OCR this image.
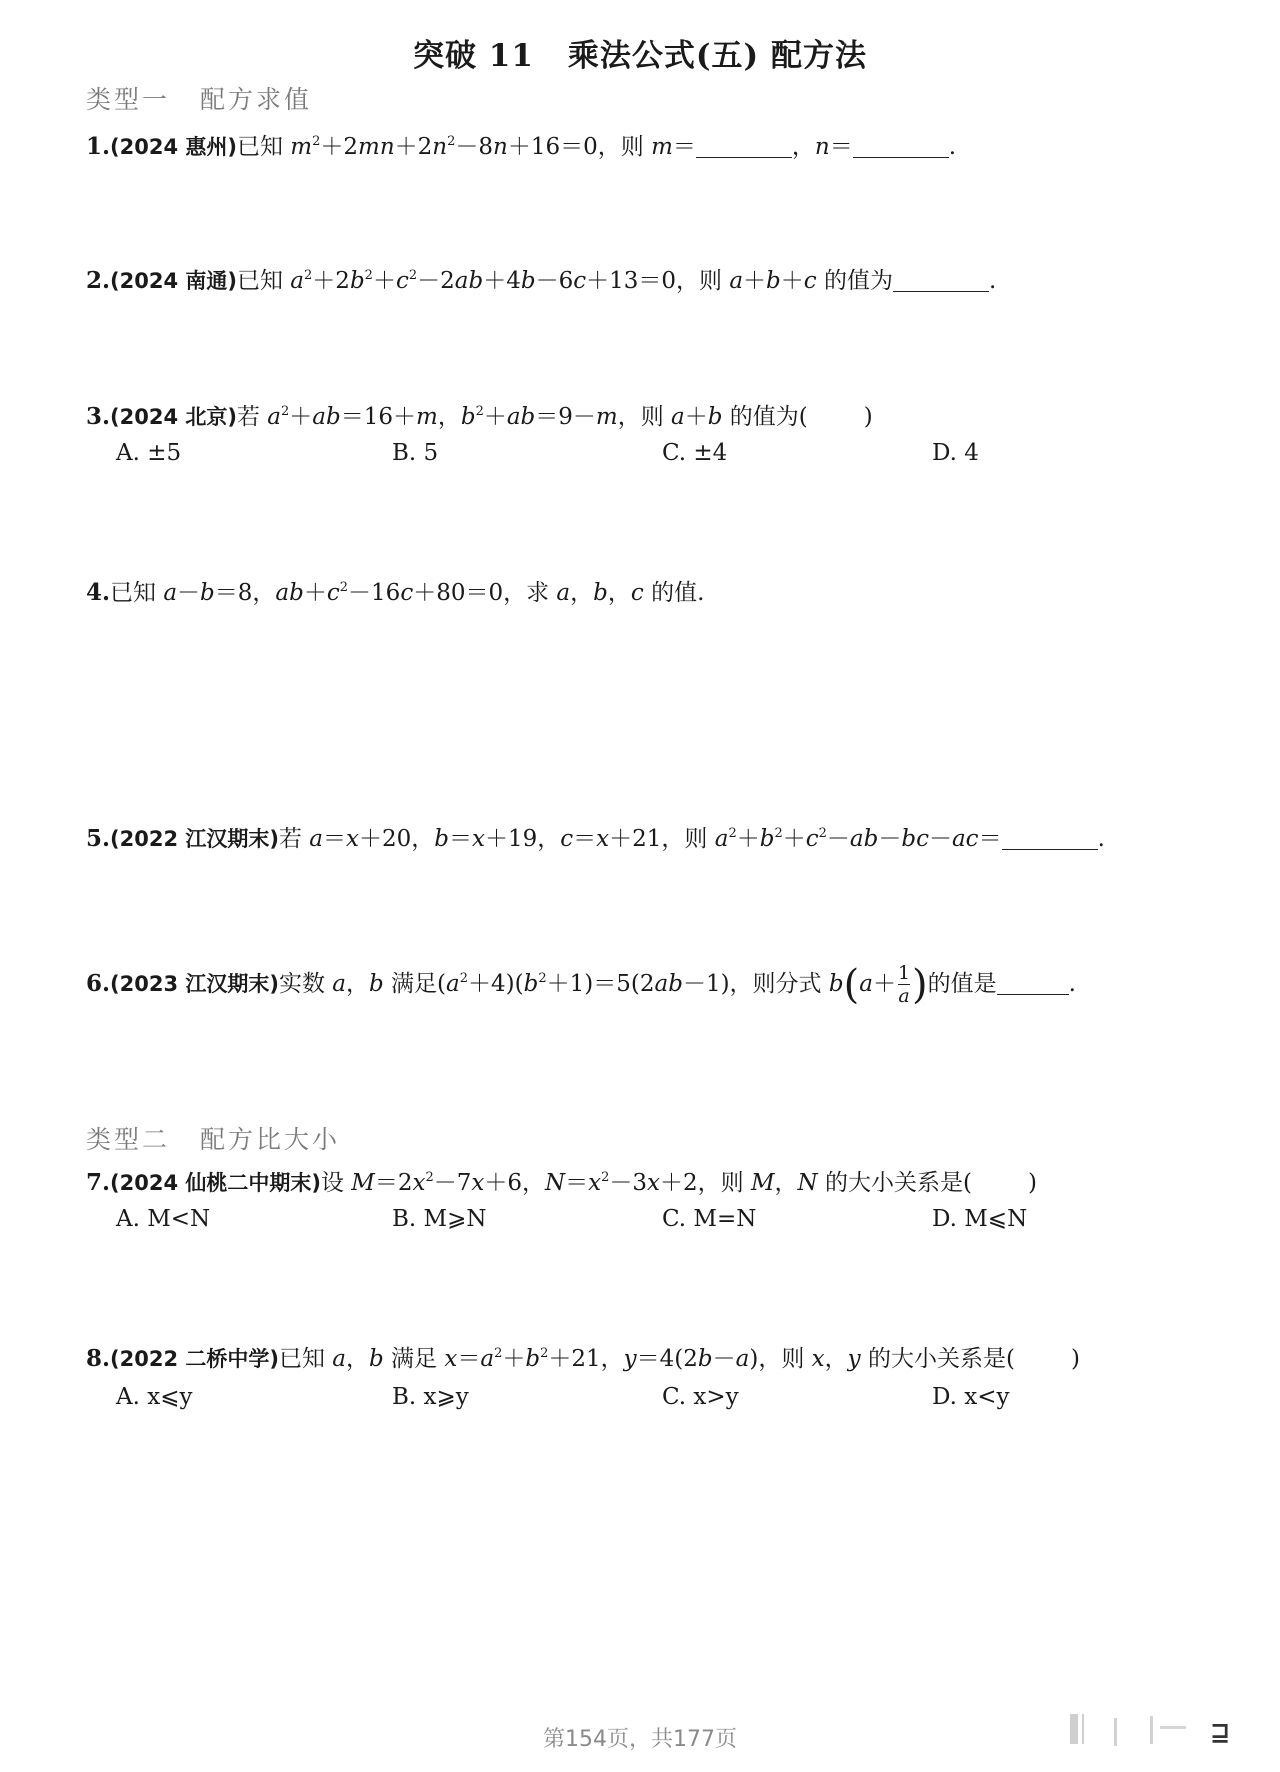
突破 11 乘法公式(五) 配方法
类型一 配方求值
1.(2024 惠州)已知 $m^2+2mn+2n^2-8n+16=0$，则 m＝	，n＝	.
2.(2024 南通)已知 $a^2+2b^2+c^2-2ab+4b-6c+13=0$，则 a＋b＋c 的值为	.
3.(2024 北京)若 $a^2+ab=16+m$，$b^2+ab=9-m$，则 a＋b 的值为( )
A. ±5	B. 5	C. ±4	D. 4
4.已知 a－b＝8，$ab+c^2-16c+80=0$，求 a，b，c 的值.
5.(2022 江汉期末)若 a＝x＋20，b＝x＋19，c＝x＋21，则 $a^2+b^2+c^2-ab-bc-ac=$	.
6.(2023 江汉期末)实数 a，b 满足$(a^2+4)(b^2+1)=5(2ab-1)$，则分式 $b(a+ \frac{1}{a}$ )的值是	.
类型二 配方比大小
7.(2024 仙桃二中期末)设 $M=2x^2-7x+6$，$N=x^2-3x+2$，则 M，N 的大小关系是( )
A. M<N	B. M⩾N	C. M=N	D. M⩽N
8.(2022 二桥中学)已知 a，b 满足 $x=a^2+b^2+21$，y＝4(2b－a)，则 x，y 的大小关系是( )
A. x⩽y	B. x⩾y	C. x>y	D. x<y
第154页，共177页	⊒
